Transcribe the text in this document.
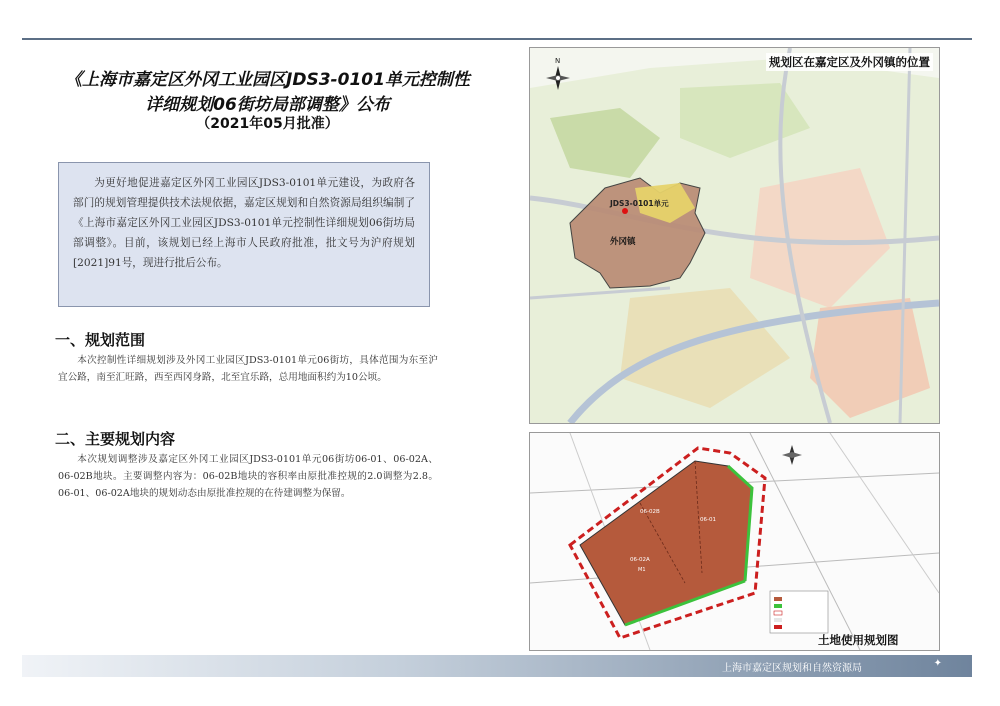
《上海市嘉定区外冈工业园区JDS3-0101单元控制性
详细规划06街坊局部调整》公布
（2021年05月批准）
为更好地促进嘉定区外冈工业园区JDS3-0101单元建设，为政府各部门的规划管理提供技术法规依据，嘉定区规划和自然资源局组织编制了《上海市嘉定区外冈工业园区JDS3-0101单元控制性详细规划06街坊局部调整》。目前，该规划已经上海市人民政府批准，批文号为沪府规划[2021]91号，现进行批后公布。
一、规划范围
本次控制性详细规划涉及外冈工业园区JDS3-0101单元06街坊，具体范围为东至沪宜公路，南至汇旺路，西至西冈身路，北至宜乐路，总用地面积约为10公顷。
二、主要规划内容
本次规划调整涉及嘉定区外冈工业园区JDS3-0101单元06街坊06-01、06-02A、06-02B地块。主要调整内容为：06-02B地块的容积率由原批准控规的2.0调整为2.8。06-01、06-02A地块的规划动态由原批准控规的在待建调整为保留。
N
JDS3-0101单元
外冈镇
规划区在嘉定区及外冈镇的位置
06-02B
06-01
06-02A
M1
土地使用规划图
上海市嘉定区规划和自然资源局	✦
